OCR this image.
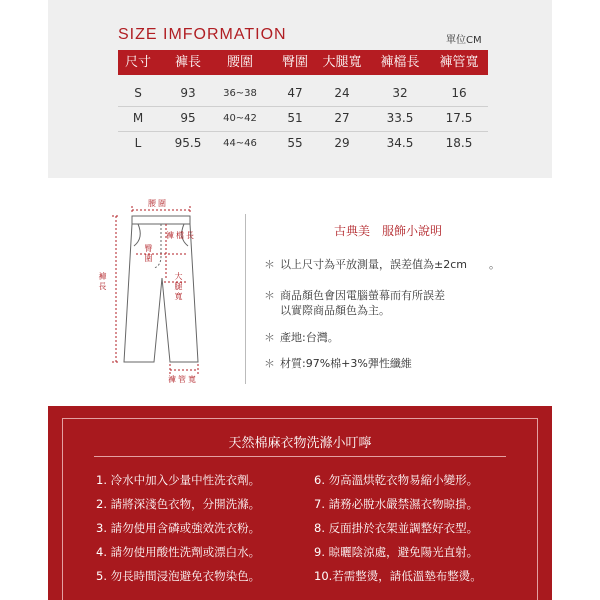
SIZE IMFORMATION	單位CM
尺寸	褲長	腰圍	臀圍	大腿寬	褲檔長	褲管寬
S	93	36~38	47	24	32	16
M	95	40~42	51	27	33.5	17.5
L	95.5	44~46	55	29	34.5	18.5
腰圍
褲檔長
臀圍
大腿寬
褲長
褲管寬
古典美　服飾小說明
＊ 以上尺寸為平放測量，誤差值為±2cm　　。
＊ 商品顏色會因電腦螢幕而有所誤差
以實際商品顏色為主。
＊ 產地:台灣。
＊ 材質:97%棉+3%彈性纖維
天然棉麻衣物洗滌小叮嚀
1. 冷水中加入少量中性洗衣劑。
2. 請將深淺色衣物，分開洗滌。
3. 請勿使用含磷或強效洗衣粉。
4. 請勿使用酸性洗劑或漂白水。
5. 勿長時間浸泡避免衣物染色。
6. 勿高溫烘乾衣物易縮小變形。
7. 請務必脫水嚴禁濕衣物晾掛。
8. 反面掛於衣架並調整好衣型。
9. 晾曬陰涼處，避免陽光直射。
10.若需整燙，請低溫墊布整燙。
